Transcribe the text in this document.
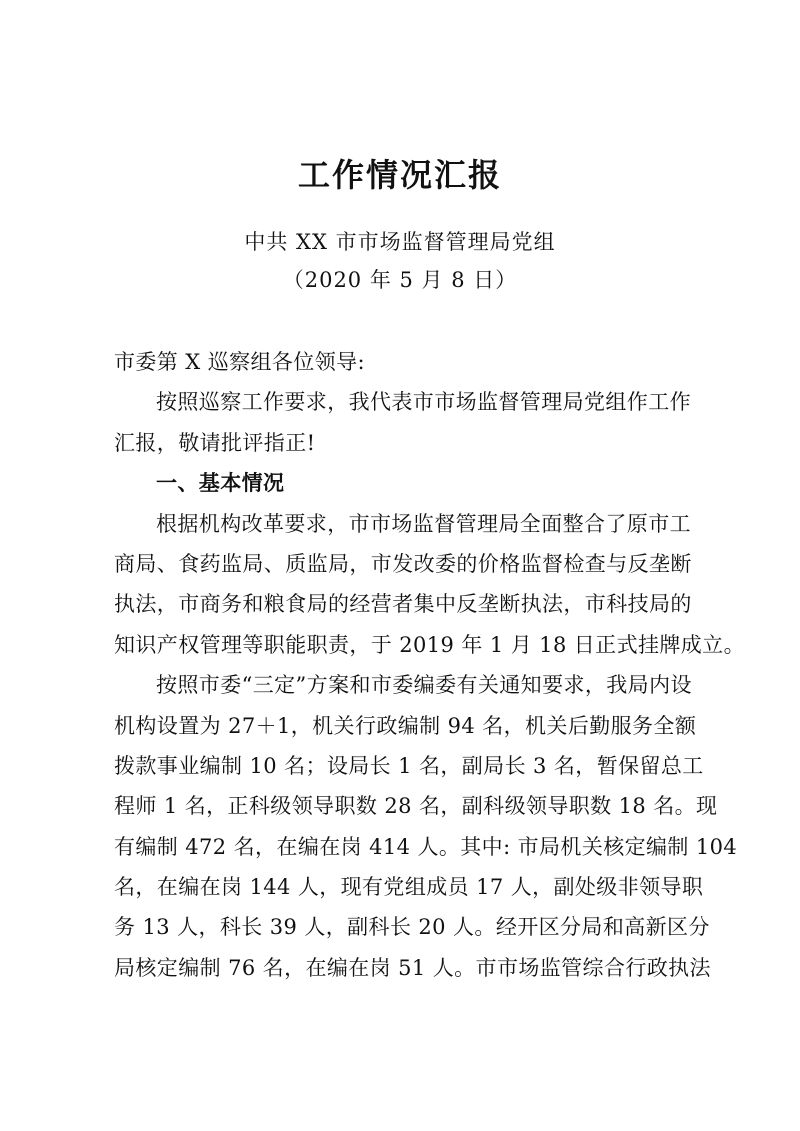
工作情况汇报
中共 XX 市市场监督管理局党组
（2020 年 5 月 8 日）
市委第 X 巡察组各位领导:
按照巡察工作要求，我代表市市场监督管理局党组作工作
汇报，敬请批评指正!
一、基本情况
根据机构改革要求，市市场监督管理局全面整合了原市工
商局、食药监局、质监局，市发改委的价格监督检查与反垄断
执法，市商务和粮食局的经营者集中反垄断执法，市科技局的
知识产权管理等职能职责，于 2019 年 1 月 18 日正式挂牌成立。
按照市委“三定”方案和市委编委有关通知要求，我局内设
机构设置为 27＋1，机关行政编制 94 名，机关后勤服务全额
拨款事业编制 10 名；设局长 1 名，副局长 3 名，暂保留总工
程师 1 名，正科级领导职数 28 名，副科级领导职数 18 名。现
有编制 472 名，在编在岗 414 人。其中: 市局机关核定编制 104
名，在编在岗 144 人，现有党组成员 17 人，副处级非领导职
务 13 人，科长 39 人，副科长 20 人。经开区分局和高新区分
局核定编制 76 名，在编在岗 51 人。市市场监管综合行政执法
